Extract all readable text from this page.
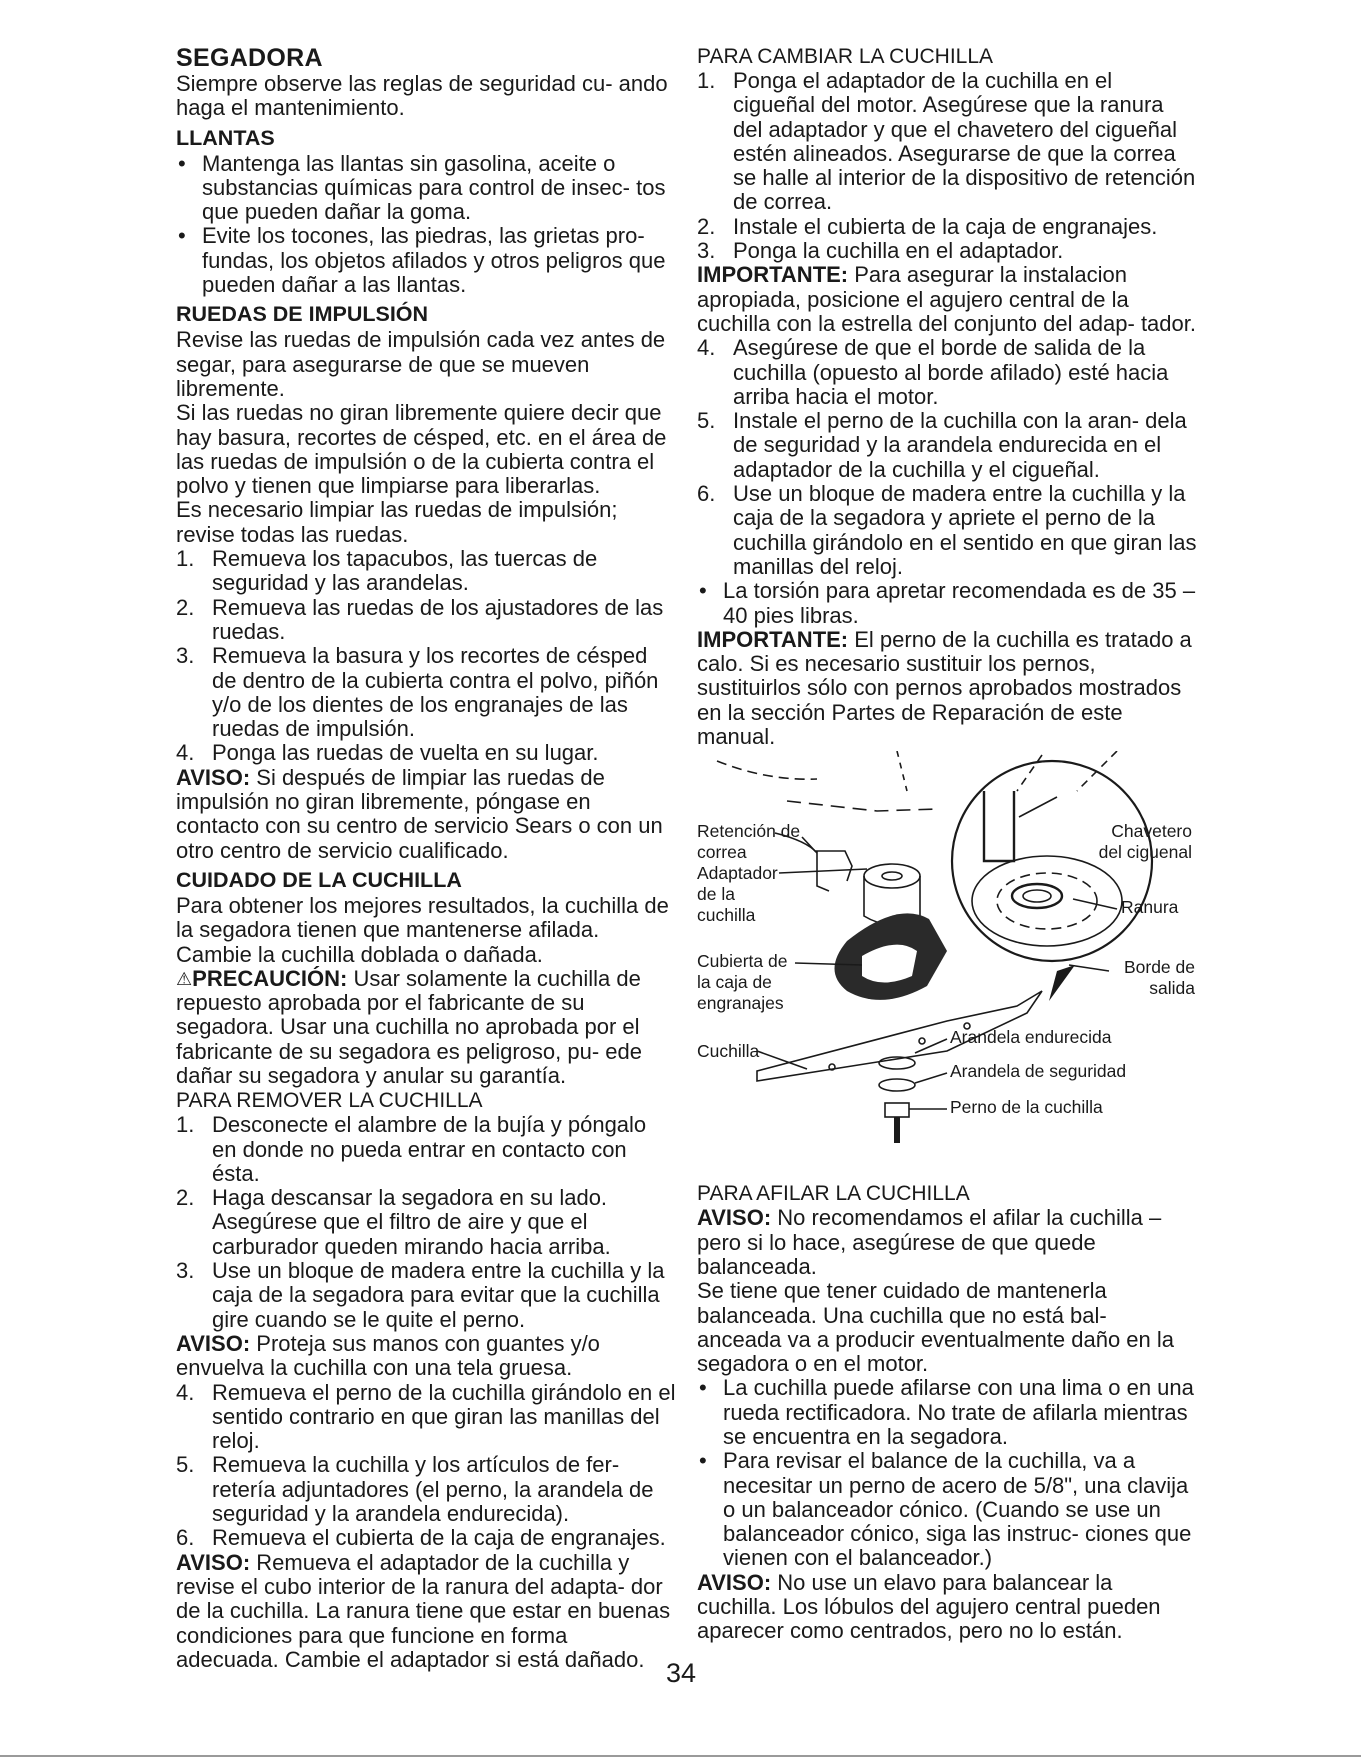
SEGADORA

Siempre observe las reglas de seguridad cu- ando haga el mantenimiento.

LLANTAS

• Mantenga las llantas sin gasolina, aceite o substancias químicas para control de insec- tos que pueden dañar la goma.
• Evite los tocones, las piedras, las grietas pro- fundas, los objetos afilados y otros peligros que pueden dañar a las llantas.

RUEDAS DE IMPULSIÓN

Revise las ruedas de impulsión cada vez antes de segar, para asegurarse de que se mueven libremente.

Si las ruedas no giran libremente quiere decir que hay basura, recortes de césped, etc. en el área de las ruedas de impulsión o de la cubierta contra el polvo y tienen que limpiarse para liberarlas.

Es necesario limpiar las ruedas de impulsión; revise todas las ruedas.

1. Remueva los tapacubos, las tuercas de seguridad y las arandelas.
2. Remueva las ruedas de los ajustadores de las ruedas.
3. Remueva la basura y los recortes de césped de dentro de la cubierta contra el polvo, piñón y/o de los dientes de los engranajes de las ruedas de impulsión.
4. Ponga las ruedas de vuelta en su lugar.

AVISO: Si después de limpiar las ruedas de impulsión no giran libremente, póngase en contacto con su centro de servicio Sears o con un otro centro de servicio cualificado.

CUIDADO DE LA CUCHILLA

Para obtener los mejores resultados, la cuchilla de la segadora tienen que mantenerse afilada. Cambie la cuchilla doblada o dañada.

⚠PRECAUCIÓN: Usar solamente la cuchilla de repuesto aprobada por el fabricante de su segadora. Usar una cuchilla no aprobada por el fabricante de su segadora es peligroso, pu- ede dañar su segadora y anular su garantía.

PARA REMOVER LA CUCHILLA

1. Desconecte el alambre de la bujía y póngalo en donde no pueda entrar en contacto con ésta.
2. Haga descansar la segadora en su lado. Asegúrese que el filtro de aire y que el carburador queden mirando hacia arriba.
3. Use un bloque de madera entre la cuchilla y la caja de la segadora para evitar que la cuchilla gire cuando se le quite el perno.

AVISO: Proteja sus manos con guantes y/o envuelva la cuchilla con una tela gruesa.

4. Remueva el perno de la cuchilla girándolo en el sentido contrario en que giran las manillas del reloj.
5. Remueva la cuchilla y los artículos de fer- retería adjuntadores (el perno, la arandela de seguridad y la arandela endurecida).
6. Remueva el cubierta de la caja de engranajes.

AVISO: Remueva el adaptador de la cuchilla y revise el cubo interior de la ranura del adapta- dor de la cuchilla. La ranura tiene que estar en buenas condiciones para que funcione en forma adecuada. Cambie el adaptador si está dañado.

PARA CAMBIAR LA CUCHILLA

1. Ponga el adaptador de la cuchilla en el cigueñal del motor. Asegúrese que la ranura del adaptador y que el chavetero del cigueñal estén alineados. Asegurarse de que la correa se halle al interior de la dispositivo de retención de correa.
2. Instale el cubierta de la caja de engranajes.
3. Ponga la cuchilla en el adaptador.

IMPORTANTE: Para asegurar la instalacion apropiada, posicione el agujero central de la cuchilla con la estrella del conjunto del adap- tador.

4. Asegúrese de que el borde de salida de la cuchilla (opuesto al borde afilado) esté hacia arriba hacia el motor.
5. Instale el perno de la cuchilla con la aran- dela de seguridad y la arandela endurecida en el adaptador de la cuchilla y el cigueñal.
6. Use un bloque de madera entre la cuchilla y la caja de la segadora y apriete el perno de la cuchilla girándolo en el sentido en que giran las manillas del reloj.
• La torsión para apretar recomendada es de 35 – 40 pies libras.

IMPORTANTE: El perno de la cuchilla es tratado a calo. Si es necesario sustituir los pernos, sustituirlos sólo con pernos aprobados mostrados en la sección Partes de Reparación de este manual.

Retención de correa
Adaptador de la cuchilla
Cubierta de la caja de engranajes
Cuchilla
Chavetero del ciguenal
Ranura
Borde de salida
Arandela endurecida
Arandela de seguridad
Perno de la cuchilla

PARA AFILAR LA CUCHILLA

AVISO: No recomendamos el afilar la cuchilla – pero si lo hace, asegúrese de que quede balanceada.

Se tiene que tener cuidado de mantenerla balanceada. Una cuchilla que no está bal- anceada va a producir eventualmente daño en la segadora o en el motor.

• La cuchilla puede afilarse con una lima o en una rueda rectificadora. No trate de afilarla mientras se encuentra en la segadora.
• Para revisar el balance de la cuchilla, va a necesitar un perno de acero de 5/8", una clavija o un balanceador cónico. (Cuando se use un balanceador cónico, siga las instruc- ciones que vienen con el balanceador.)

AVISO: No use un elavo para balancear la cuchilla. Los lóbulos del agujero central pueden aparecer como centrados, pero no lo están.

34
